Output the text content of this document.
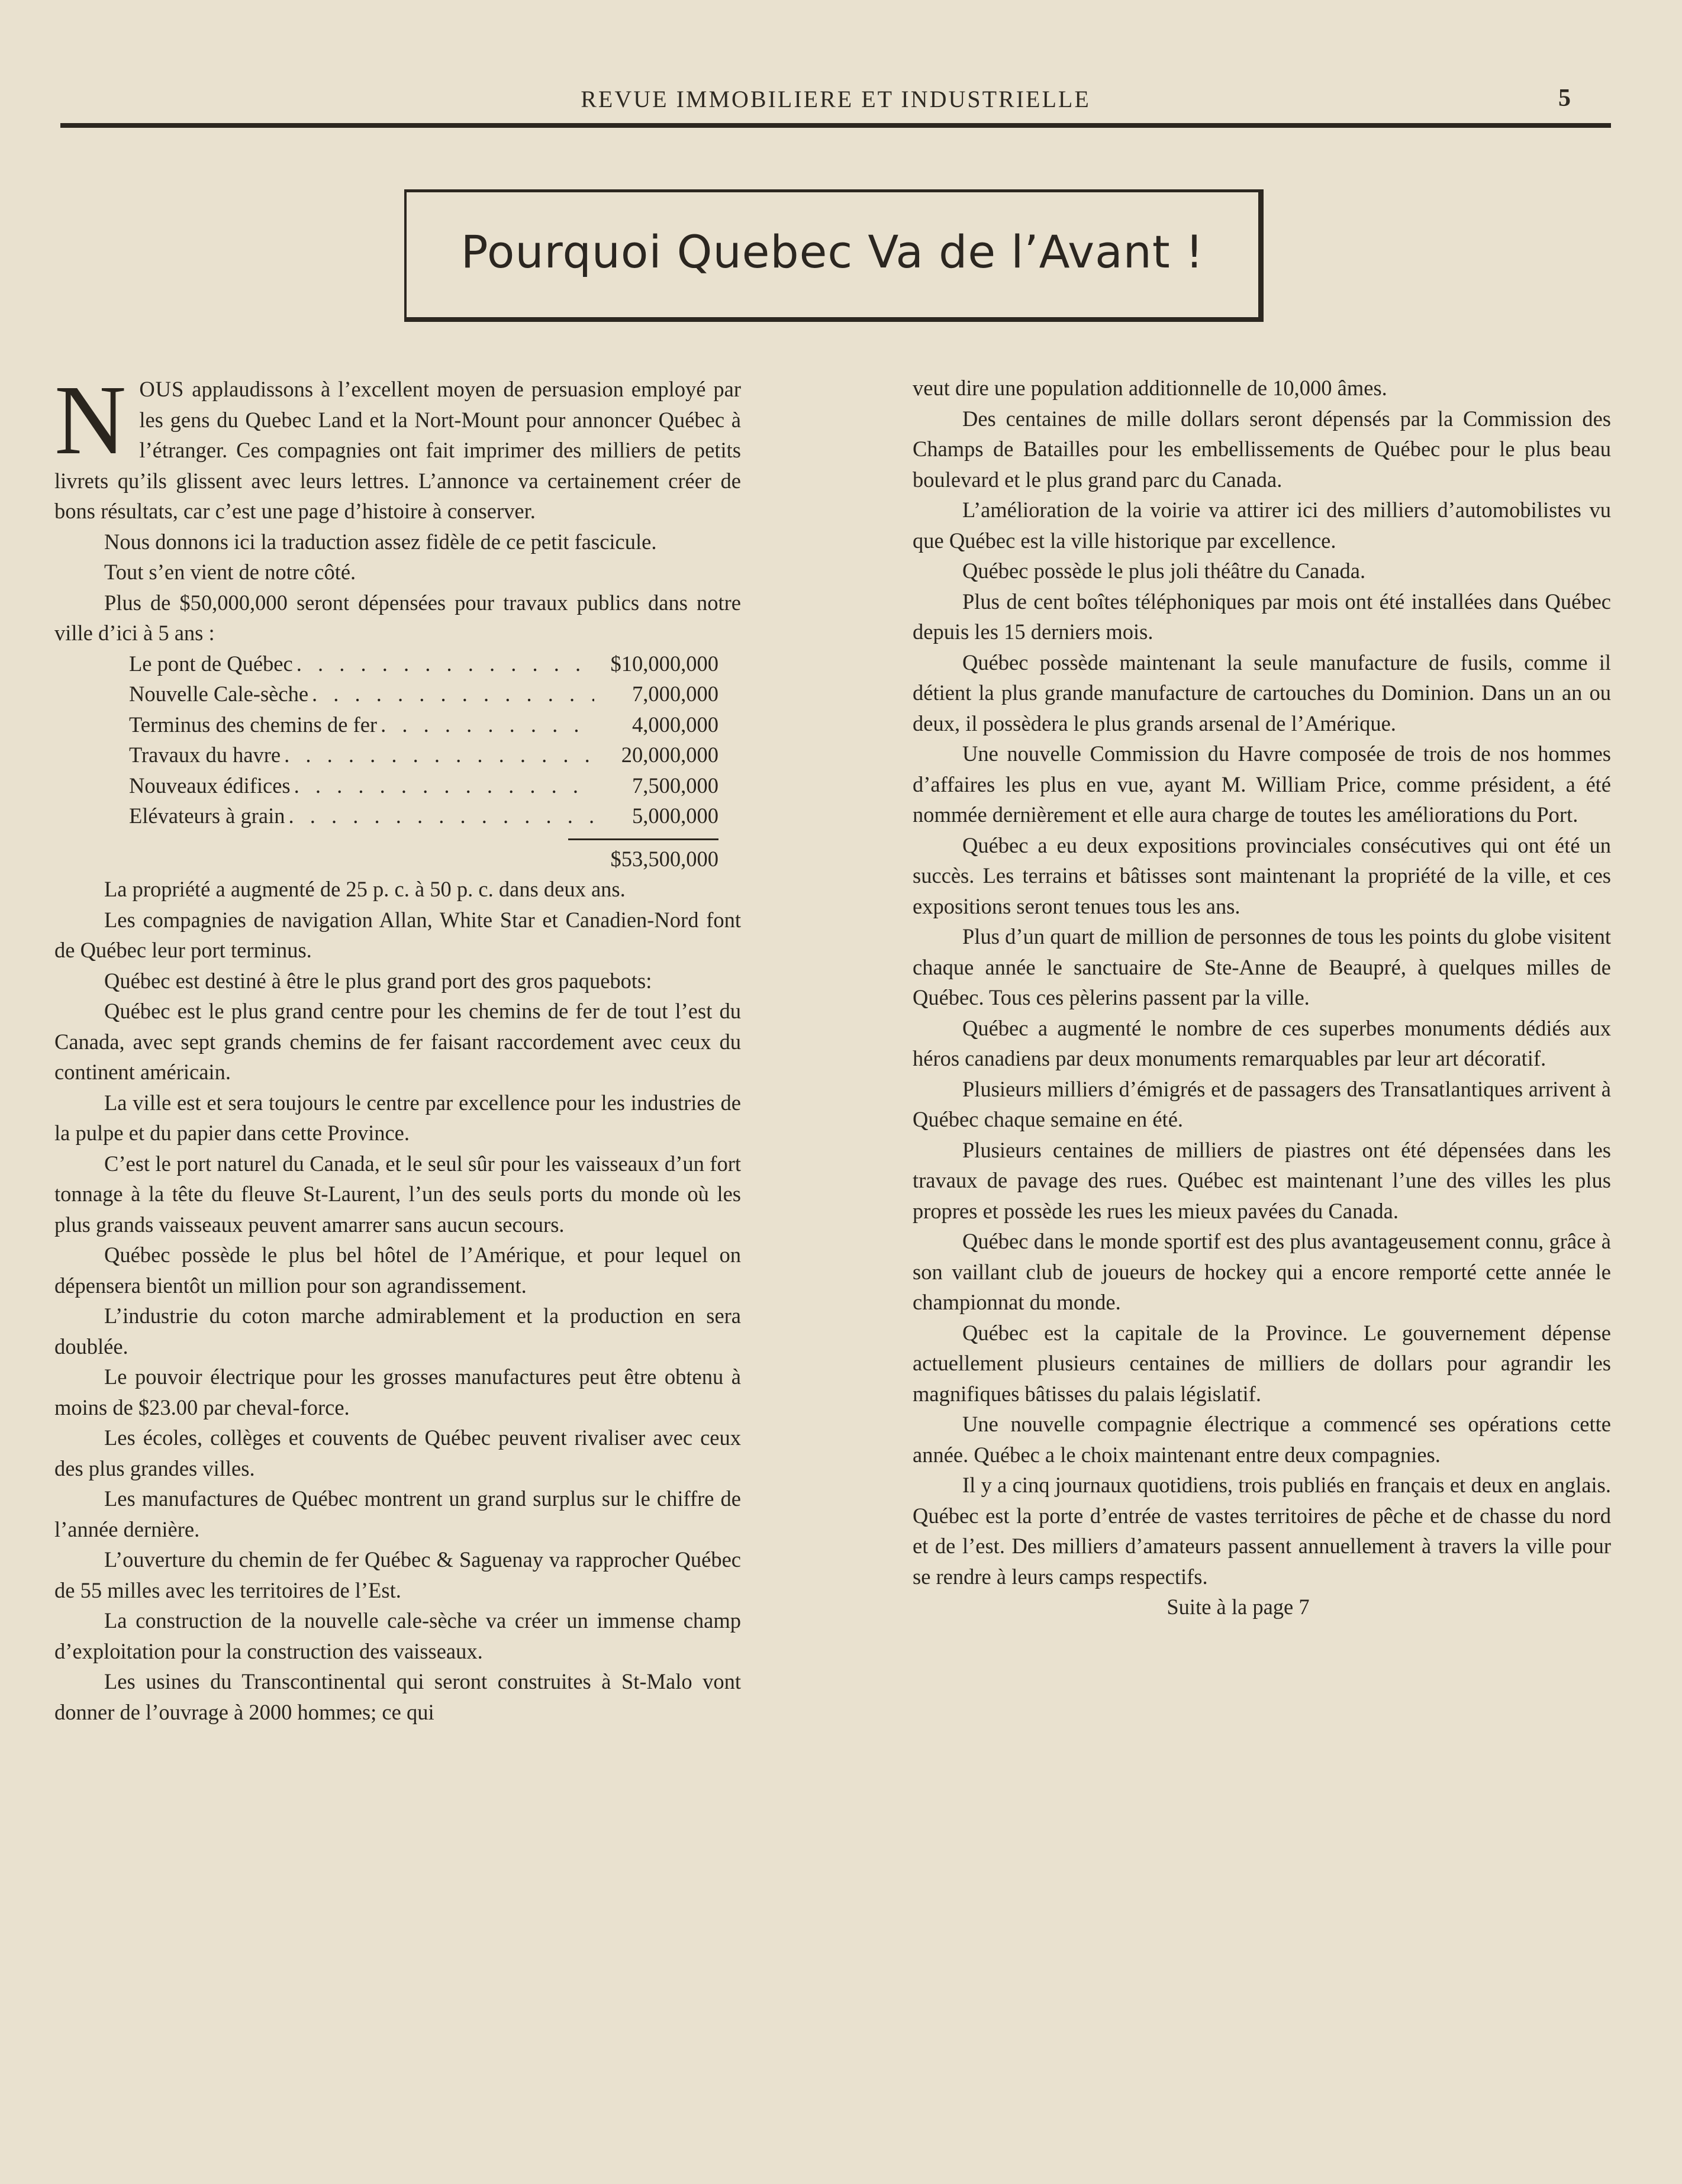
REVUE IMMOBILIERE ET INDUSTRIELLE	5
Pourquoi Quebec Va de l’Avant !

NOUS applaudissons à l’excellent moyen de persuasion employé par les gens du Quebec Land et la Nort-Mount pour annoncer Québec à l’étranger. Ces compagnies ont fait imprimer des milliers de petits livrets qu’ils glissent avec leurs lettres. L’annonce va certainement créer de bons résultats, car c’est une page d’histoire à conserver.

Nous donnons ici la traduction assez fidèle de ce petit fascicule.

Tout s’en vient de notre côté.

Plus de $50,000,000 seront dépensées pour travaux publics dans notre ville d’ici à 5 ans :

Le pont de Québec . . .	$10,000,000
Nouvelle Cale-sèche . . .	7,000,000
Terminus des chemins de fer . . .	4,000,000
Travaux du havre . . .	20,000,000
Nouveaux édifices . . .	7,500,000
Elévateurs à grain . . .	5,000,000
$53,500,000

La propriété a augmenté de 25 p. c. à 50 p. c. dans deux ans.

Les compagnies de navigation Allan, White Star et Canadien-Nord font de Québec leur port terminus.

Québec est destiné à être le plus grand port des gros paquebots:

Québec est le plus grand centre pour les chemins de fer de tout l’est du Canada, avec sept grands chemins de fer faisant raccordement avec ceux du continent américain.

La ville est et sera toujours le centre par excellence pour les industries de la pulpe et du papier dans cette Province.

C’est le port naturel du Canada, et le seul sûr pour les vaisseaux d’un fort tonnage à la tête du fleuve St-Laurent, l’un des seuls ports du monde où les plus grands vaisseaux peuvent amarrer sans aucun secours.

Québec possède le plus bel hôtel de l’Amérique, et pour lequel on dépensera bientôt un million pour son agrandissement.

L’industrie du coton marche admirablement et la production en sera doublée.

Le pouvoir électrique pour les grosses manufactures peut être obtenu à moins de $23.00 par cheval-force.

Les écoles, collèges et couvents de Québec peuvent rivaliser avec ceux des plus grandes villes.

Les manufactures de Québec montrent un grand surplus sur le chiffre de l’année dernière.

L’ouverture du chemin de fer Québec & Saguenay va rapprocher Québec de 55 milles avec les territoires de l’Est.

La construction de la nouvelle cale-sèche va créer un immense champ d’exploitation pour la construction des vaisseaux.

Les usines du Transcontinental qui seront construites à St-Malo vont donner de l’ouvrage à 2000 hommes; ce qui

veut dire une population additionnelle de 10,000 âmes.

Des centaines de mille dollars seront dépensés par la Commission des Champs de Batailles pour les embellissements de Québec pour le plus beau boulevard et le plus grand parc du Canada.

L’amélioration de la voirie va attirer ici des milliers d’automobilistes vu que Québec est la ville historique par excellence.

Québec possède le plus joli théâtre du Canada.

Plus de cent boîtes téléphoniques par mois ont été installées dans Québec depuis les 15 derniers mois.

Québec possède maintenant la seule manufacture de fusils, comme il détient la plus grande manufacture de cartouches du Dominion. Dans un an ou deux, il possèdera le plus grands arsenal de l’Amérique.

Une nouvelle Commission du Havre composée de trois de nos hommes d’affaires les plus en vue, ayant M. William Price, comme président, a été nommée dernièrement et elle aura charge de toutes les améliorations du Port.

Québec a eu deux expositions provinciales consécutives qui ont été un succès. Les terrains et bâtisses sont maintenant la propriété de la ville, et ces expositions seront tenues tous les ans.

Plus d’un quart de million de personnes de tous les points du globe visitent chaque année le sanctuaire de Ste-Anne de Beaupré, à quelques milles de Québec. Tous ces pèlerins passent par la ville.

Québec a augmenté le nombre de ces superbes monuments dédiés aux héros canadiens par deux monuments remarquables par leur art décoratif.

Plusieurs milliers d’émigrés et de passagers des Transatlantiques arrivent à Québec chaque semaine en été.

Plusieurs centaines de milliers de piastres ont été dépensées dans les travaux de pavage des rues. Québec est maintenant l’une des villes les plus propres et possède les rues les mieux pavées du Canada.

Québec dans le monde sportif est des plus avantageusement connu, grâce à son vaillant club de joueurs de hockey qui a encore remporté cette année le championnat du monde.

Québec est la capitale de la Province. Le gouvernement dépense actuellement plusieurs centaines de milliers de dollars pour agrandir les magnifiques bâtisses du palais législatif.

Une nouvelle compagnie électrique a commencé ses opérations cette année. Québec a le choix maintenant entre deux compagnies.

Il y a cinq journaux quotidiens, trois publiés en français et deux en anglais. Québec est la porte d’entrée de vastes territoires de pêche et de chasse du nord et de l’est. Des milliers d’amateurs passent annuellement à travers la ville pour se rendre à leurs camps respectifs.

Suite à la page 7
